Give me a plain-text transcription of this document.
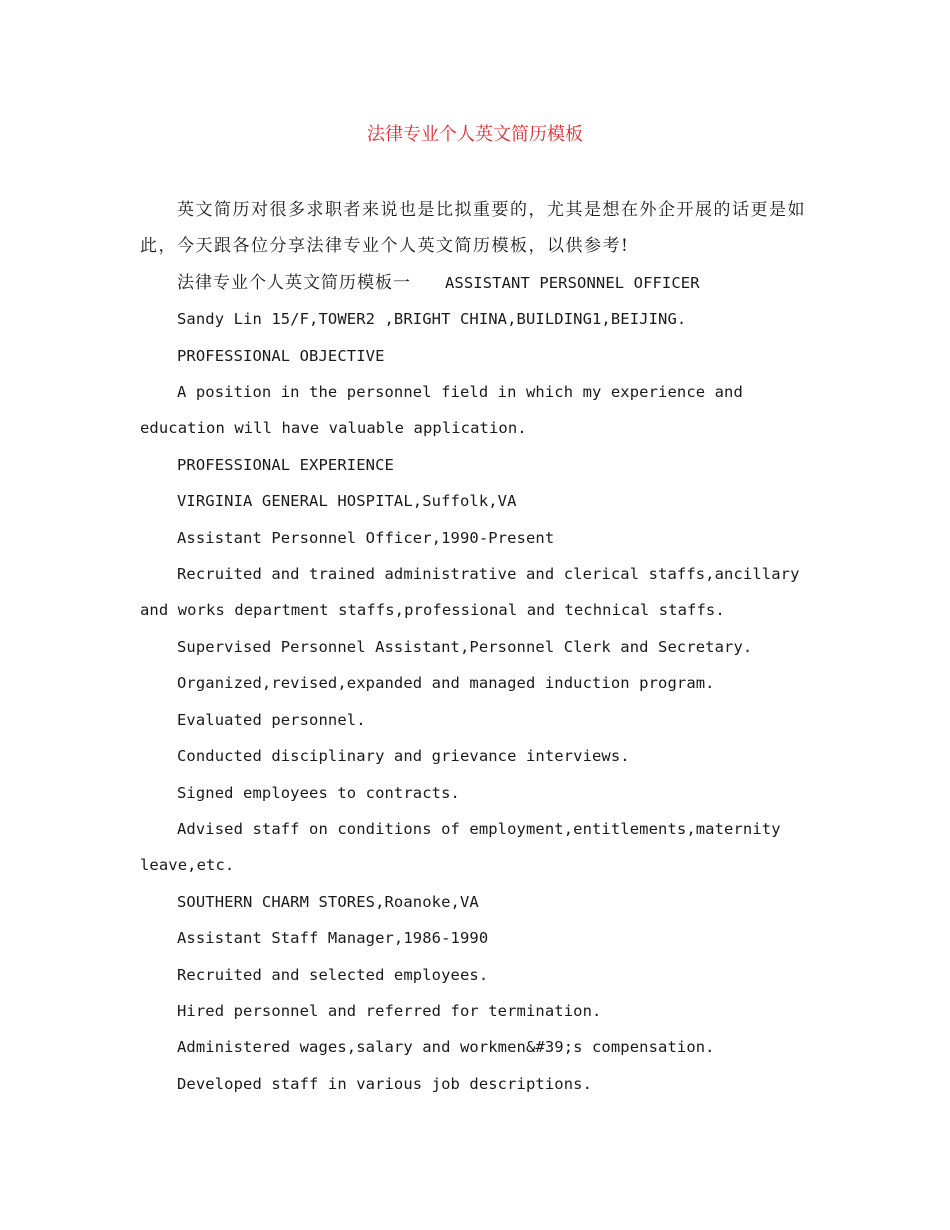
法律专业个人英文简历模板

英文简历对很多求职者来说也是比拟重要的，尤其是想在外企开展的话更是如此，今天跟各位分享法律专业个人英文简历模板，以供参考!

法律专业个人英文简历模板一 ASSISTANT PERSONNEL OFFICER

Sandy Lin 15/F,TOWER2 ,BRIGHT CHINA,BUILDING1,BEIJING.

PROFESSIONAL OBJECTIVE

A position in the personnel field in which my experience and education will have valuable application.

PROFESSIONAL EXPERIENCE

VIRGINIA GENERAL HOSPITAL,Suffolk,VA

Assistant Personnel Officer,1990-Present

Recruited and trained administrative and clerical staffs,ancillary and works department staffs,professional and technical staffs.

Supervised Personnel Assistant,Personnel Clerk and Secretary.

Organized,revised,expanded and managed induction program.

Evaluated personnel.

Conducted disciplinary and grievance interviews.

Signed employees to contracts.

Advised staff on conditions of employment,entitlements,maternity leave,etc.

SOUTHERN CHARM STORES,Roanoke,VA

Assistant Staff Manager,1986-1990

Recruited and selected employees.

Hired personnel and referred for termination.

Administered wages,salary and workmen&#39;s compensation.

Developed staff in various job descriptions.
